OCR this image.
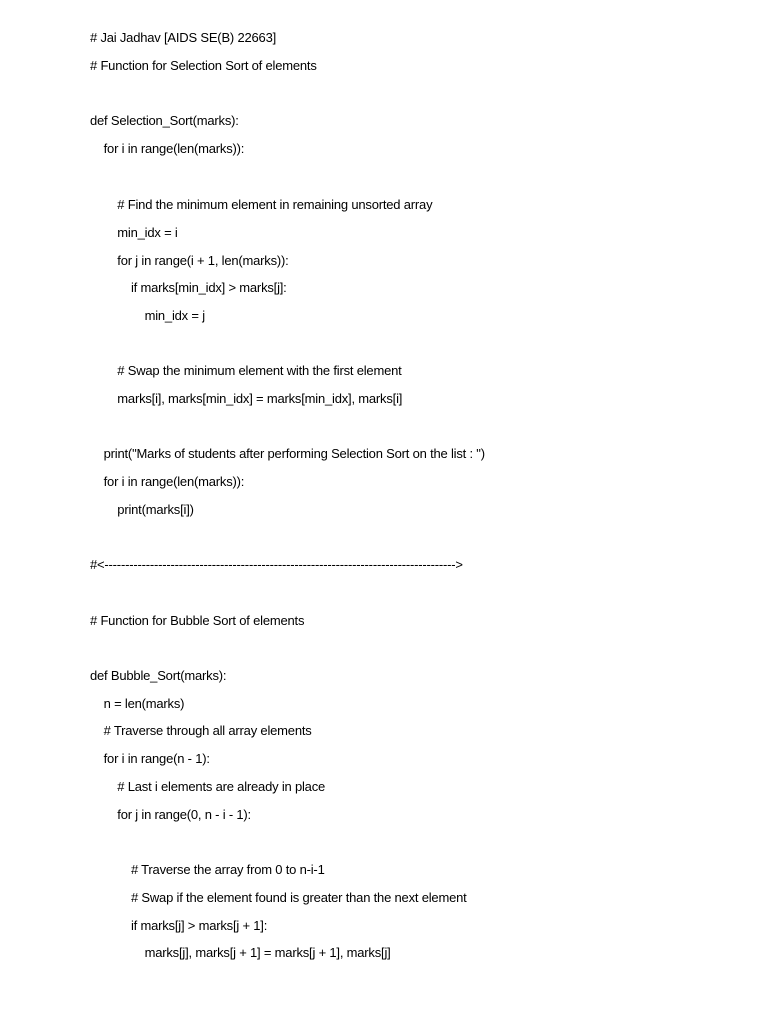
# Jai Jadhav [AIDS SE(B) 22663]
# Function for Selection Sort of elements
def Selection_Sort(marks):
for i in range(len(marks)):
# Find the minimum element in remaining unsorted array
min_idx = i
for j in range(i + 1, len(marks)):
if marks[min_idx] > marks[j]:
min_idx = j
# Swap the minimum element with the first element
marks[i], marks[min_idx] = marks[min_idx], marks[i]
print("Marks of students after performing Selection Sort on the list : ")
for i in range(len(marks)):
print(marks[i])
#<------------------------------------------------------------------------------------->
# Function for Bubble Sort of elements
def Bubble_Sort(marks):
n = len(marks)
# Traverse through all array elements
for i in range(n - 1):
# Last i elements are already in place
for j in range(0, n - i - 1):
# Traverse the array from 0 to n-i-1
# Swap if the element found is greater than the next element
if marks[j] > marks[j + 1]:
marks[j], marks[j + 1] = marks[j + 1], marks[j]
